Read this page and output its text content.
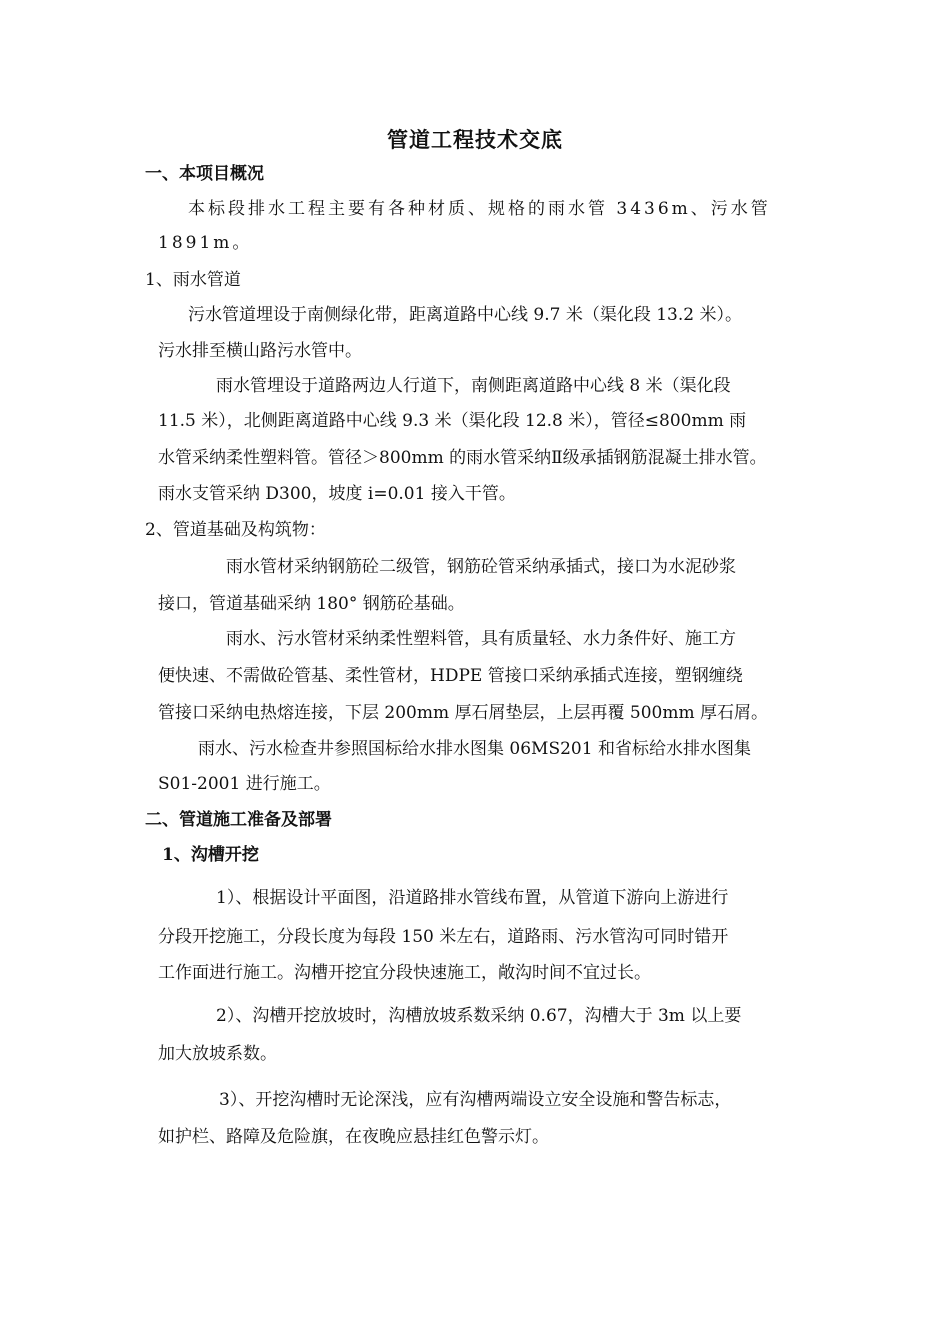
管道工程技术交底
一、本项目概况
本标段排水工程主要有各种材质、规格的雨水管 3436m、污水管
1891m。
1、雨水管道
污水管道埋设于南侧绿化带，距离道路中心线 9.7 米（渠化段 13.2 米）。
污水排至横山路污水管中。
雨水管埋设于道路两边人行道下，南侧距离道路中心线 8 米（渠化段
11.5 米），北侧距离道路中心线 9.3 米（渠化段 12.8 米），管径≤800mm 雨
水管采纳柔性塑料管。管径＞800mm 的雨水管采纳Ⅱ级承插钢筋混凝土排水管。
雨水支管采纳 D300，坡度 i=0.01 接入干管。
2、管道基础及构筑物：
雨水管材采纳钢筋砼二级管，钢筋砼管采纳承插式，接口为水泥砂浆
接口，管道基础采纳 180° 钢筋砼基础。
雨水、污水管材采纳柔性塑料管，具有质量轻、水力条件好、施工方
便快速、不需做砼管基、柔性管材，HDPE 管接口采纳承插式连接，塑钢缠绕
管接口采纳电热熔连接，下层 200mm 厚石屑垫层，上层再覆 500mm 厚石屑。
雨水、污水检查井参照国标给水排水图集 06MS201 和省标给水排水图集
S01-2001 进行施工。
二、管道施工准备及部署
1、沟槽开挖
1）、根据设计平面图，沿道路排水管线布置，从管道下游向上游进行
分段开挖施工，分段长度为每段 150 米左右，道路雨、污水管沟可同时错开
工作面进行施工。沟槽开挖宜分段快速施工，敞沟时间不宜过长。
2）、沟槽开挖放坡时，沟槽放坡系数采纳 0.67，沟槽大于 3m 以上要
加大放坡系数。
3）、开挖沟槽时无论深浅，应有沟槽两端设立安全设施和警告标志，
如护栏、路障及危险旗，在夜晚应悬挂红色警示灯。
